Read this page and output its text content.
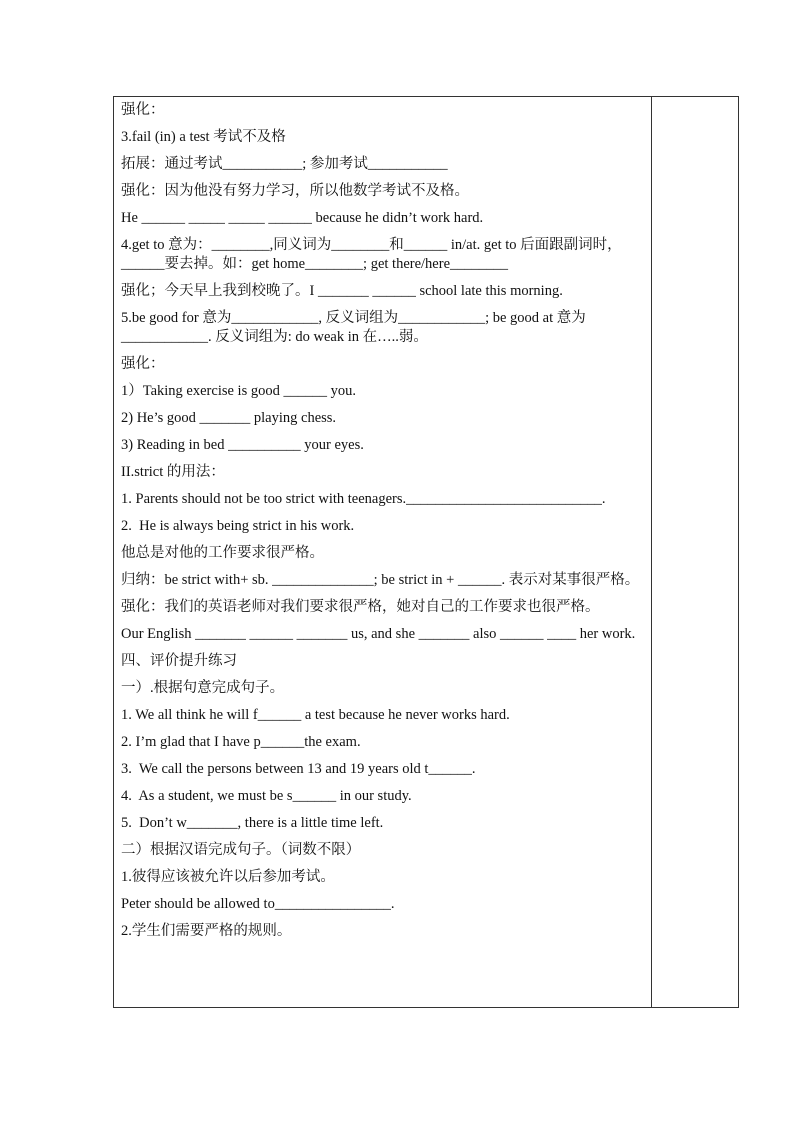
强化：
3.fail (in) a test 考试不及格
拓展：通过考试___________; 参加考试___________
强化：因为他没有努力学习，所以他数学考试不及格。
He ______ _____ _____ ______ because he didn’t work hard.
4.get to 意为：________,同义词为________和______ in/at. get to 后面跟副词时，______要去掉。如：get home________; get there/here________
强化；今天早上我到校晚了。I _______ ______ school late this morning.
5.be good for 意为____________, 反义词组为____________; be good at 意为____________. 反义词组为: do weak in 在…..弱。
强化：
1）Taking exercise is good ______ you.
2) He’s good _______ playing chess.
3) Reading in bed __________ your eyes.
II.strict 的用法：
1. Parents should not be too strict with teenagers.___________________________.
2.  He is always being strict in his work.
他总是对他的工作要求很严格。
归纳：be strict with+ sb. ______________; be strict in + ______. 表示对某事很严格。
强化：我们的英语老师对我们要求很严格，她对自己的工作要求也很严格。
Our English _______ ______ _______ us, and she _______ also ______ ____ her work.
四、评价提升练习
一）.根据句意完成句子。
1. We all think he will f______ a test because he never works hard.
2. I’m glad that I have p______the exam.
3.  We call the persons between 13 and 19 years old t______.
4.  As a student, we must be s______ in our study.
5.  Don’t w_______, there is a little time left.
二）根据汉语完成句子。（词数不限）
1.彼得应该被允许以后参加考试。
Peter should be allowed to________________.
2.学生们需要严格的规则。
